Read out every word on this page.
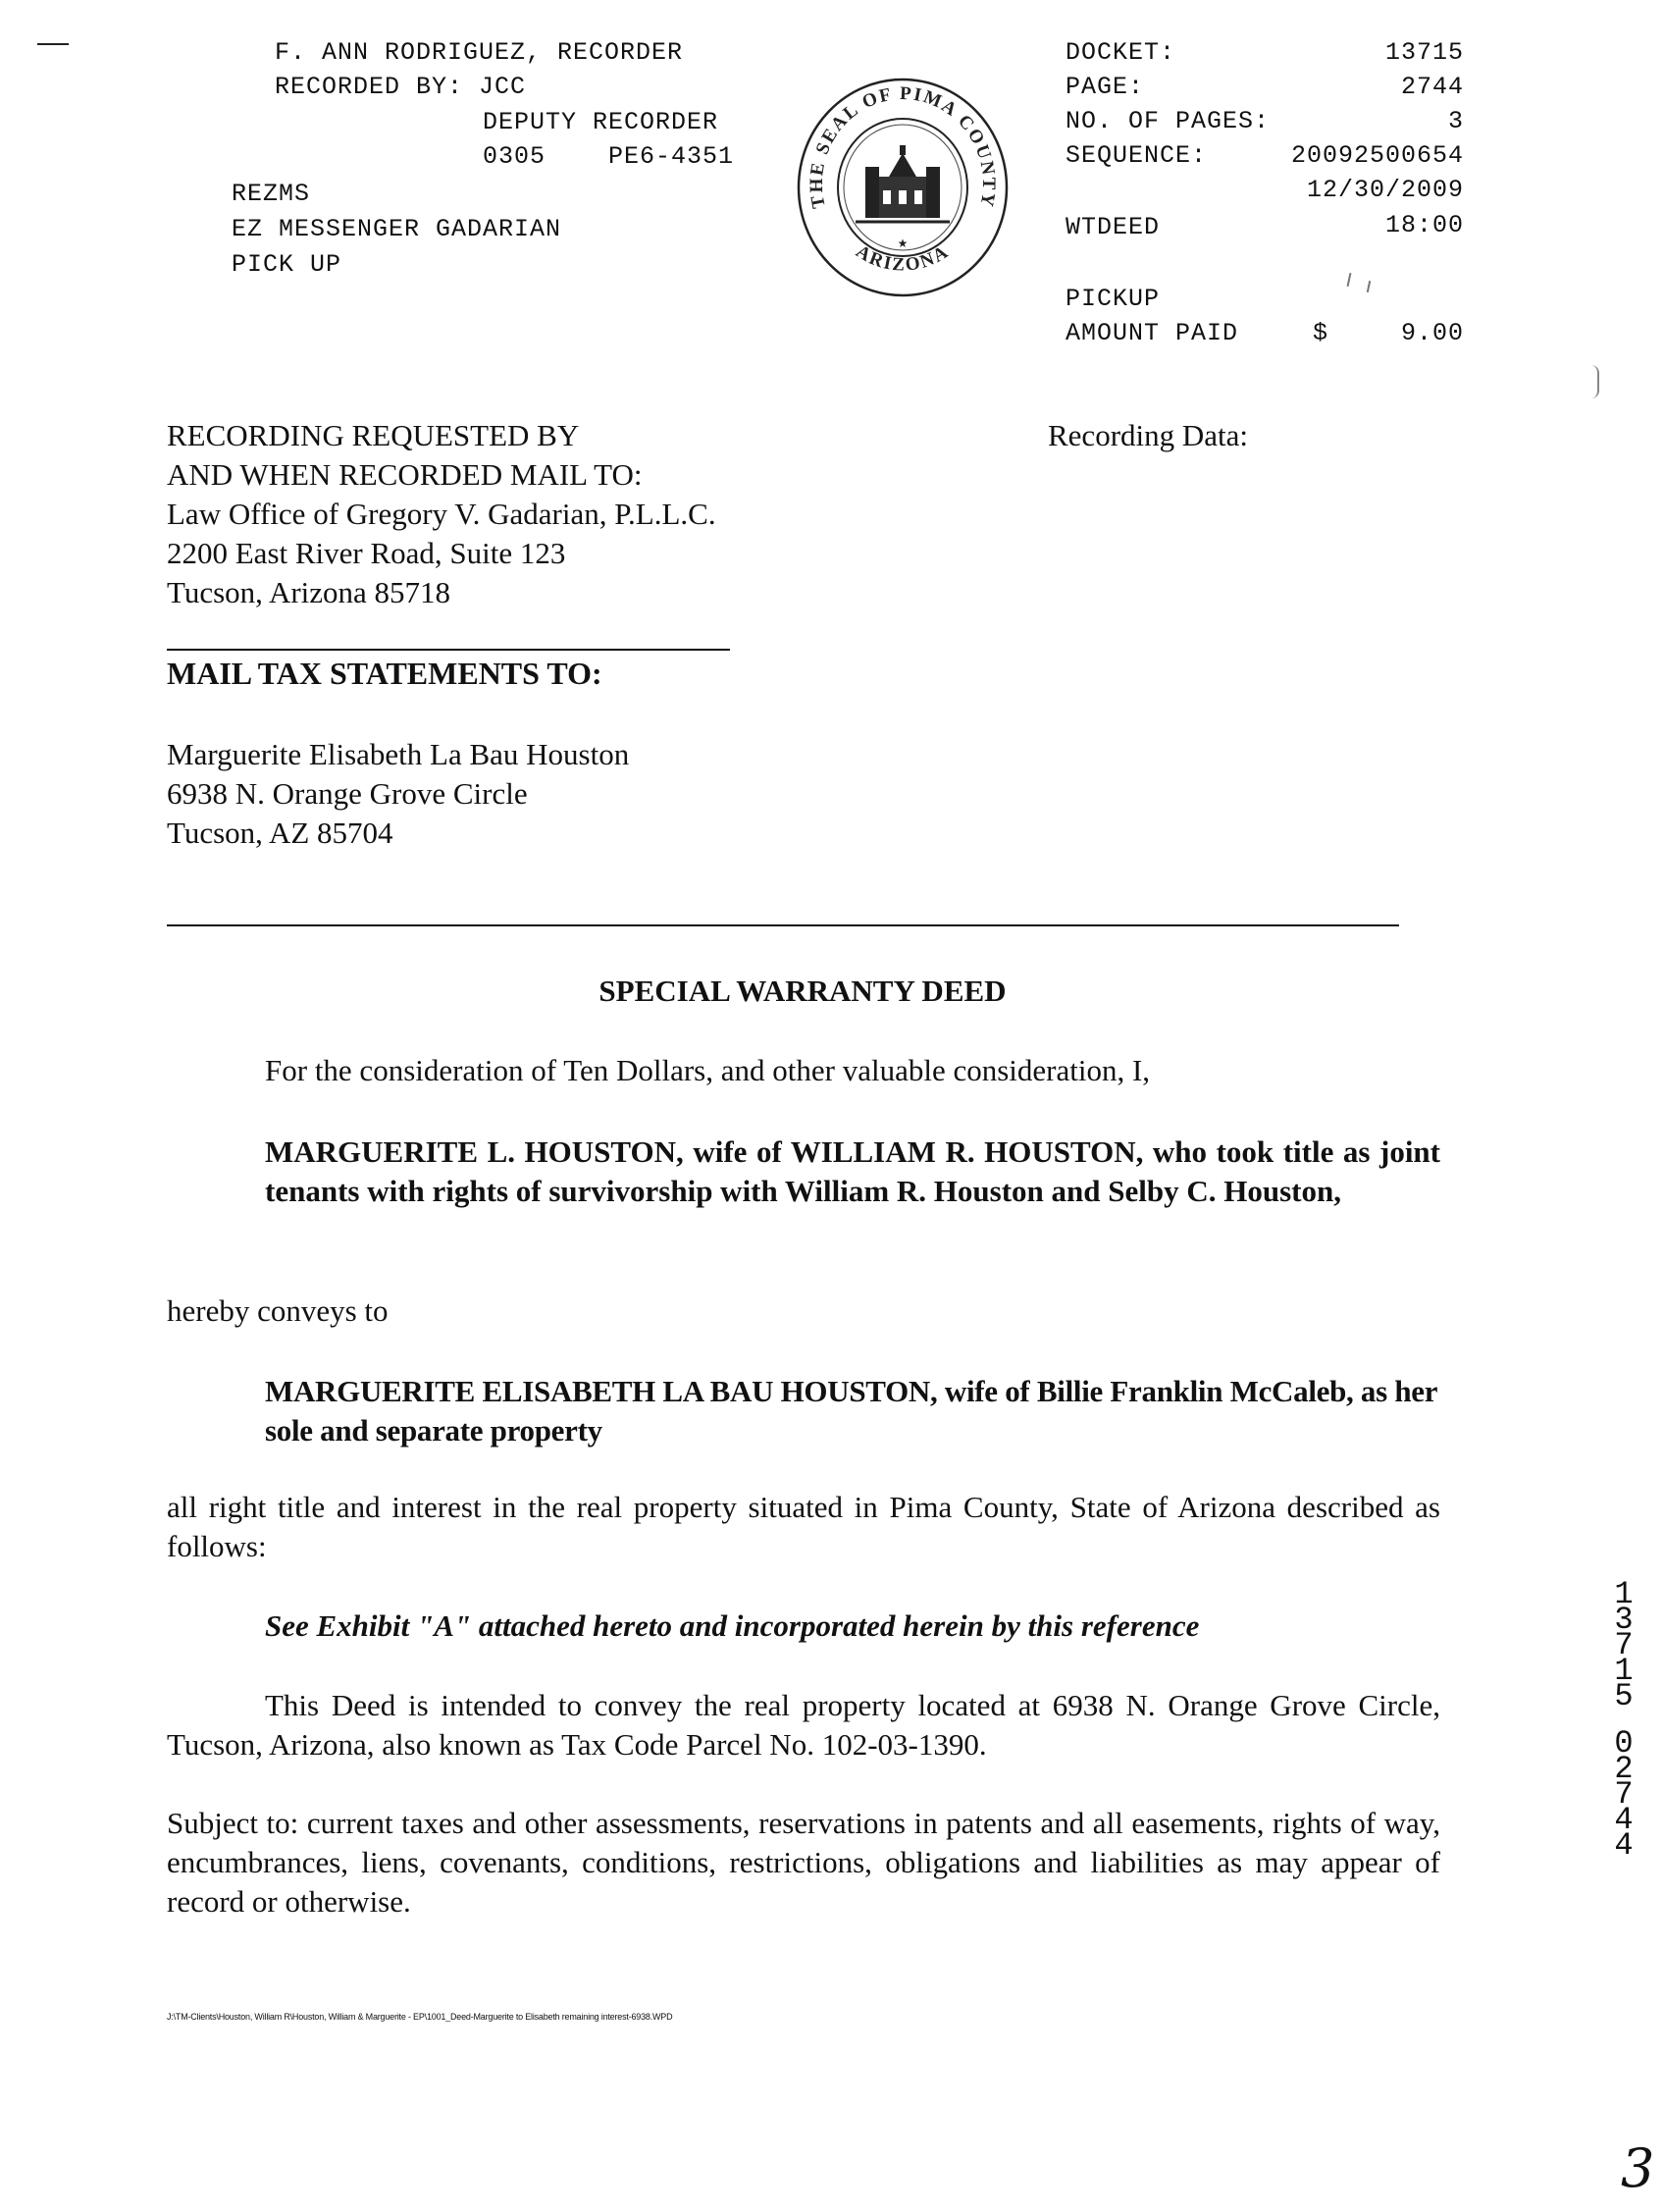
F. ANN RODRIGUEZ, RECORDER
RECORDED BY: JCC
DEPUTY RECORDER
0305    PE6-4351
REZMS
EZ MESSENGER GADARIAN
PICK UP
THE SEAL OF PIMA COUNTY
ARIZONA
★
DOCKET:	13715
PAGE:	2744
NO. OF PAGES:	3
SEQUENCE:	20092500654
12/30/2009
WTDEED	18:00
PICKUP
AMOUNT PAID	$	9.00
RECORDING REQUESTED BY
AND WHEN RECORDED MAIL TO:
Law Office of Gregory V. Gadarian, P.L.L.C.
2200 East River Road, Suite 123
Tucson, Arizona 85718
Recording Data:
MAIL TAX STATEMENTS TO:
Marguerite Elisabeth La Bau Houston
6938 N. Orange Grove Circle
Tucson, AZ 85704
SPECIAL WARRANTY DEED
For the consideration of Ten Dollars, and other valuable consideration, I,
MARGUERITE L. HOUSTON, wife of WILLIAM R. HOUSTON, who took title as joint tenants with rights of survivorship with William R. Houston and Selby C. Houston,
hereby conveys to
MARGUERITE ELISABETH LA BAU HOUSTON, wife of Billie Franklin McCaleb, as her sole and separate property
all right title and interest in the real property situated in Pima County, State of Arizona described as follows:
See Exhibit "A" attached hereto and incorporated herein by this reference
This Deed is intended to convey the real property located at 6938 N. Orange Grove Circle, Tucson, Arizona, also known as Tax Code Parcel No. 102-03-1390.
Subject to: current taxes and other assessments, reservations in patents and all easements, rights of way, encumbrances, liens, covenants, conditions, restrictions, obligations and liabilities as may appear of record or otherwise.
1
3
7
1
5
0
2
7
4
4
J:\TM-Clients\Houston, William R\Houston, William & Marguerite - EP\1001_Deed-Marguerite to Elisabeth remaining interest-6938.WPD
3
